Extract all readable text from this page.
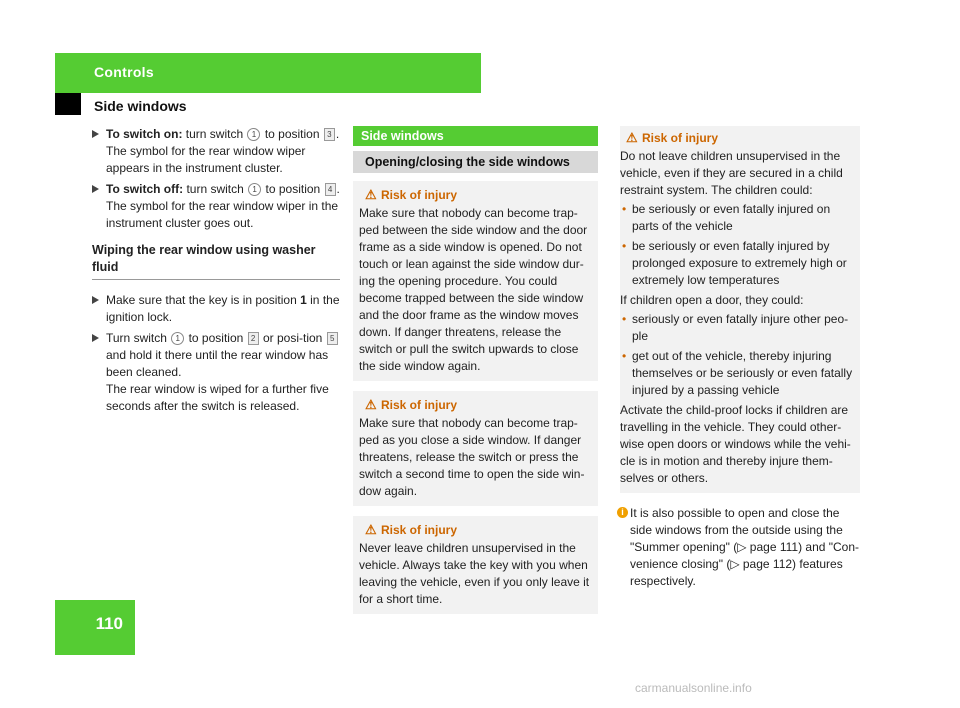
Controls
Side windows

To switch on: turn switch 1 to position 3 .

The symbol for the rear window wiper appears in the instrument cluster.

To switch off: turn switch 1 to position 4 .

The symbol for the rear window wiper in the instrument cluster goes out.

Wiping the rear window using washer fluid

Make sure that the key is in position 1 in the ignition lock.

Turn switch 1 to position 2 or posi-tion 5 and hold it there until the rear window has been cleaned.

The rear window is wiped for a further five seconds after the switch is released.

Side windows
Opening/closing the side windows
⚠ Risk of injury

Make sure that nobody can become trap-ped between the side window and the door frame as a side window is opened. Do not touch or lean against the side window dur-ing the opening procedure. You could become trapped between the side window and the door frame as the window moves down. If danger threatens, release the switch or pull the switch upwards to close the side window again.

⚠ Risk of injury

Make sure that nobody can become trap-ped as you close a side window. If danger threatens, release the switch or press the switch a second time to open the side win-dow again.

⚠ Risk of injury

Never leave children unsupervised in the vehicle. Always take the key with you when leaving the vehicle, even if you only leave it for a short time.

⚠ Risk of injury

Do not leave children unsupervised in the vehicle, even if they are secured in a child restraint system. The children could:

• be seriously or even fatally injured on parts of the vehicle
• be seriously or even fatally injured by prolonged exposure to extremely high or extremely low temperatures

If children open a door, they could:

• seriously or even fatally injure other peo-ple
• get out of the vehicle, thereby injuring themselves or be seriously or even fatally injured by a passing vehicle

Activate the child-proof locks if children are travelling in the vehicle. They could other-wise open doors or windows while the vehi-cle is in motion and thereby injure them-selves or others.

i It is also possible to open and close the side windows from the outside using the "Summer opening" (▷ page 111) and "Con-venience closing" (▷ page 112) features respectively.
110
carmanualsonline.info
